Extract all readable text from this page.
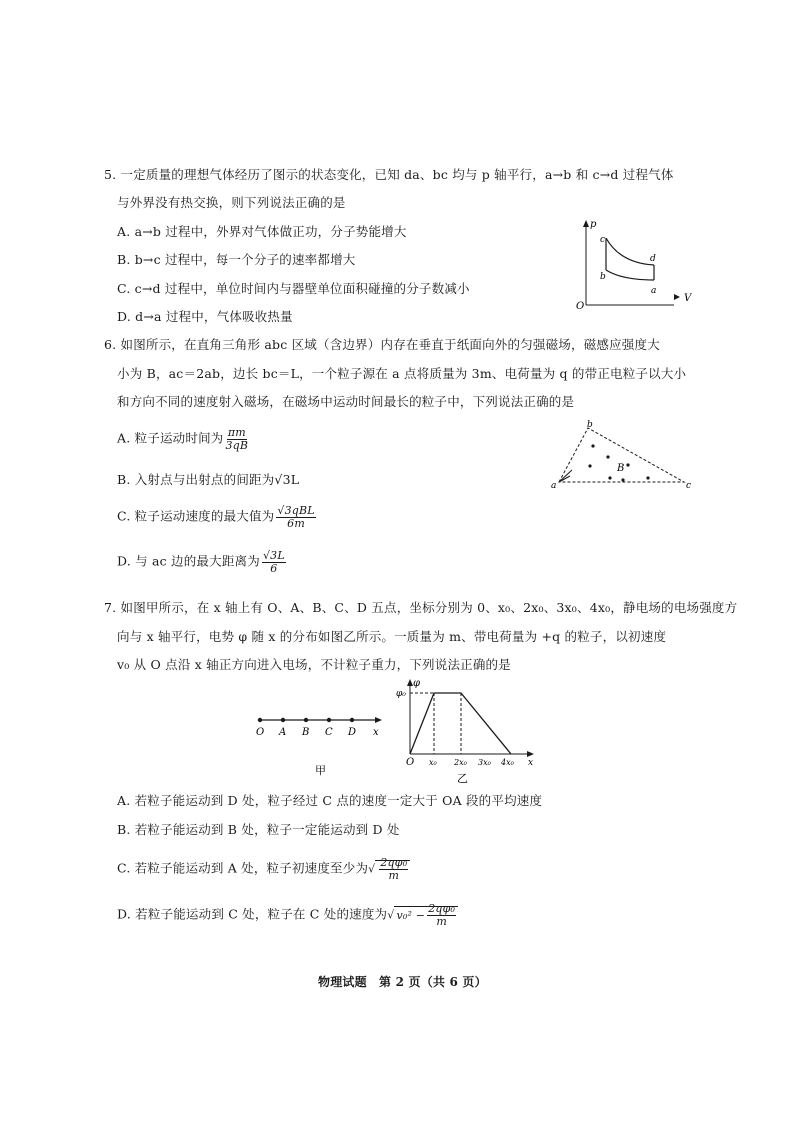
5. 一定质量的理想气体经历了图示的状态变化，已知 da、bc 均与 p 轴平行，a→b 和 c→d 过程气体
与外界没有热交换，则下列说法正确的是
A. a→b 过程中，外界对气体做正功，分子势能增大
B. b→c 过程中，每一个分子的速率都增大
C. c→d 过程中，单位时间内与器壁单位面积碰撞的分子数减小
D. d→a 过程中，气体吸收热量
p
V
O
c
b
d
a
6. 如图所示，在直角三角形 abc 区域（含边界）内存在垂直于纸面向外的匀强磁场，磁感应强度大
小为 B，ac＝2ab，边长 bc＝L，一个粒子源在 a 点将质量为 3m、电荷量为 q 的带正电粒子以大小
和方向不同的速度射入磁场，在磁场中运动时间最长的粒子中，下列说法正确的是
A. 粒子运动时间为 $\frac{\pi m}{3qB}$
B. 入射点与出射点的间距为√3L
C. 粒子运动速度的最大值为 $\frac{\text{√3qBL}}{6m}$
D. 与 ac 边的最大距离为 $\frac{√3L}{6}$
a
b
c
B
7. 如图甲所示，在 x 轴上有 O、A、B、C、D 五点，坐标分别为 0、x₀、2x₀、3x₀、4x₀，静电场的电场强度方
向与 x 轴平行，电势 φ 随 x 的分布如图乙所示。一质量为 m、带电荷量为 +q 的粒子，以初速度
v₀ 从 O 点沿 x 轴正方向进入电场，不计粒子重力，下列说法正确的是
O A B C D x
甲
φ
φ₀
O x₀ 2x₀ 3x₀ 4x₀ x
乙
A. 若粒子能运动到 D 处，粒子经过 C 点的速度一定大于 OA 段的平均速度
B. 若粒子能运动到 B 处，粒子一定能运动到 D 处
C. 若粒子能运动到 A 处，粒子初速度至少为√ $\frac{\text{2qφ₀}}{m}$
D. 若粒子能运动到 C 处，粒子在 C 处的速度为√ $v_0^2 - \frac{\text{2qφ₀}}{m}$
物理试题　第 2 页（共 6 页）
